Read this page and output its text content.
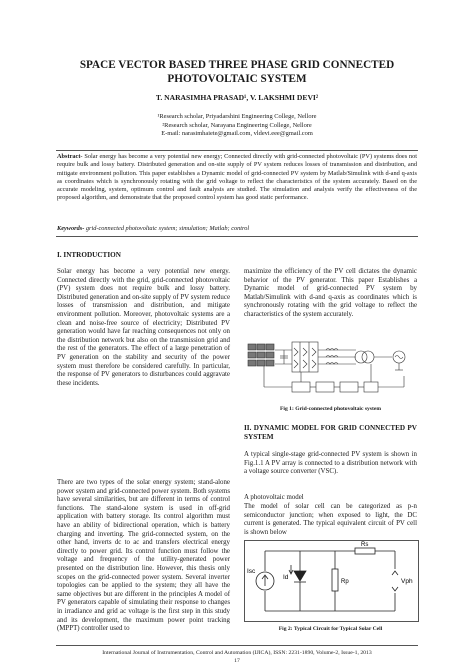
SPACE VECTOR BASED THREE PHASE GRID CONNECTED
PHOTOVOLTAIC SYSTEM
T. NARASIMHA PRASAD¹, V. LAKSHMI DEVI²
¹Research scholar, Priyadarshini Engineering College, Nellore
²Research scholar, Narayana Engineering College, Nellore
E-mail: narasimhaiete@gmail.com, vldevi.eee@gmail.com
Abstract- Solar energy has become a very potential new energy; Connected directly with grid-connected photovoltaic (PV) systems does not require bulk and lossy battery. Distributed generation and on-site supply of PV system reduces losses of transmission and distribution, and mitigate environment pollution. This paper establishes a Dynamic model of grid-connected PV system by Matlab/Simulink with d-and q-axis as coordinates which is synchronously rotating with the grid voltage to reflect the characteristics of the system accurately. Based on the accurate modeling, system, optimum control and fault analysis are studied. The simulation and analysis verify the effectiveness of the proposed algorithm, and demonstrate that the proposed control system has good static performance.
Keywords- grid-connected photovoltaic system; simulation; Matlab; control
I. INTRODUCTION
Solar energy has become a very potential new energy. Connected directly with the grid, grid-connected photovoltaic (PV) system does not require bulk and lossy battery. Distributed generation and on-site supply of PV system reduce losses of transmission and distribution, and mitigate environment pollution. Moreover, photovoltaic systems are a clean and noise-free source of electricity; Distributed PV generation would have far reaching consequences not only on the distribution network but also on the transmission grid and the rest of the generators. The effect of a large penetration of PV generation on the stability and security of the power system must therefore be considered carefully. In particular, the response of PV generators to disturbances could aggravate these incidents.
There are two types of the solar energy system; stand-alone power system and grid-connected power system. Both systems have several similarities, but are different in terms of control functions. The stand-alone system is used in off-grid application with battery storage. Its control algorithm must have an ability of bidirectional operation, which is battery charging and inverting. The grid-connected system, on the other hand, inverts dc to ac and transfers electrical energy directly to power grid. Its control function must follow the voltage and frequency of the utility-generated power presented on the distribution line. However, this thesis only scopes on the grid-connected power system. Several inverter topologies can be applied to the system; they all have the same objectives but are different in the principles A model of PV generators capable of simulating their response to changes in irradiance and grid ac voltage is the first step in this study and its development, the maximum power point tracking (MPPT) controller used to
maximize the efficiency of the PV cell dictates the dynamic behavior of the PV generator. This paper Establishes a Dynamic model of grid-connected PV system by Matlab/Simulink with d-and q-axis as coordinates which is synchronously rotating with the grid voltage to reflect the characteristics of the system accurately.
Fig 1: Grid-connected photovoltaic system
II. DYNAMIC MODEL FOR GRID CONNECTED PV SYSTEM
A typical single-stage grid-connected PV system is shown in Fig.1.1 A PV array is connected to a distribution network with a voltage source converter (VSC).
A photovoltaic model
The model of solar cell can be categorized as p-n semiconductor junction; when exposed to light, the DC current is generated. The typical equivalent circuit of PV cell is shown below
Isc
Id
Rs
Rp	Vph
Fig 2: Typical Circuit for Typical Solar Cell
International Journal of Instrumentation, Control and Automation (IJICA), ISSN: 2231-1890, Volume-2, Issue-1, 2013
17
